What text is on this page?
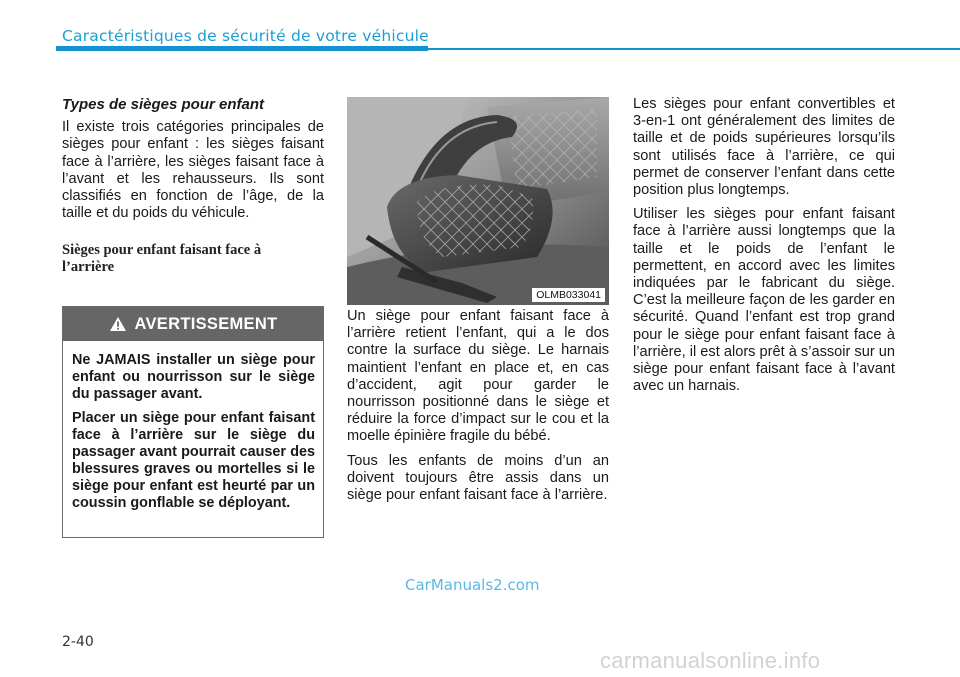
Caractéristiques de sécurité de votre véhicule
Types de sièges pour enfant

Il existe trois catégories principales de sièges pour enfant : les sièges faisant face à l’arrière, les sièges faisant face à l’avant et les rehausseurs. Ils sont classifiés en fonction de l’âge, de la taille et du poids du véhicule.

Sièges pour enfant faisant face à l’arrière
AVERTISSEMENT

Ne JAMAIS installer un siège pour enfant ou nourrisson sur le siège du passager avant.

Placer un siège pour enfant faisant face à l’arrière sur le siège du passager avant pourrait causer des blessures graves ou mortelles si le siège pour enfant est heurté par un coussin gonflable se déployant.

OLMB033041

Un siège pour enfant faisant face à l’arrière retient l’enfant, qui a le dos contre la surface du siège. Le harnais maintient l’enfant en place et, en cas d’accident, agit pour garder le nourrisson positionné dans le siège et réduire la force d’impact sur le cou et la moelle épinière fragile du bébé.

Tous les enfants de moins d’un an doivent toujours être assis dans un siège pour enfant faisant face à l’arrière.

Les sièges pour enfant convertibles et 3-en-1 ont généralement des limites de taille et de poids supérieures lorsqu’ils sont utilisés face à l’arrière, ce qui permet de conserver l’enfant dans cette position plus longtemps.

Utiliser les sièges pour enfant faisant face à l’arrière aussi longtemps que la taille et le poids de l’enfant le permettent, en accord avec les limites indiquées par le fabricant du siège. C’est la meilleure façon de les garder en sécurité. Quand l’enfant est trop grand pour le siège pour enfant faisant face à l’arrière, il est alors prêt à s’assoir sur un siège pour enfant faisant face à l’avant avec un harnais.

CarManuals2.com
2-40
carmanualsonline.info
